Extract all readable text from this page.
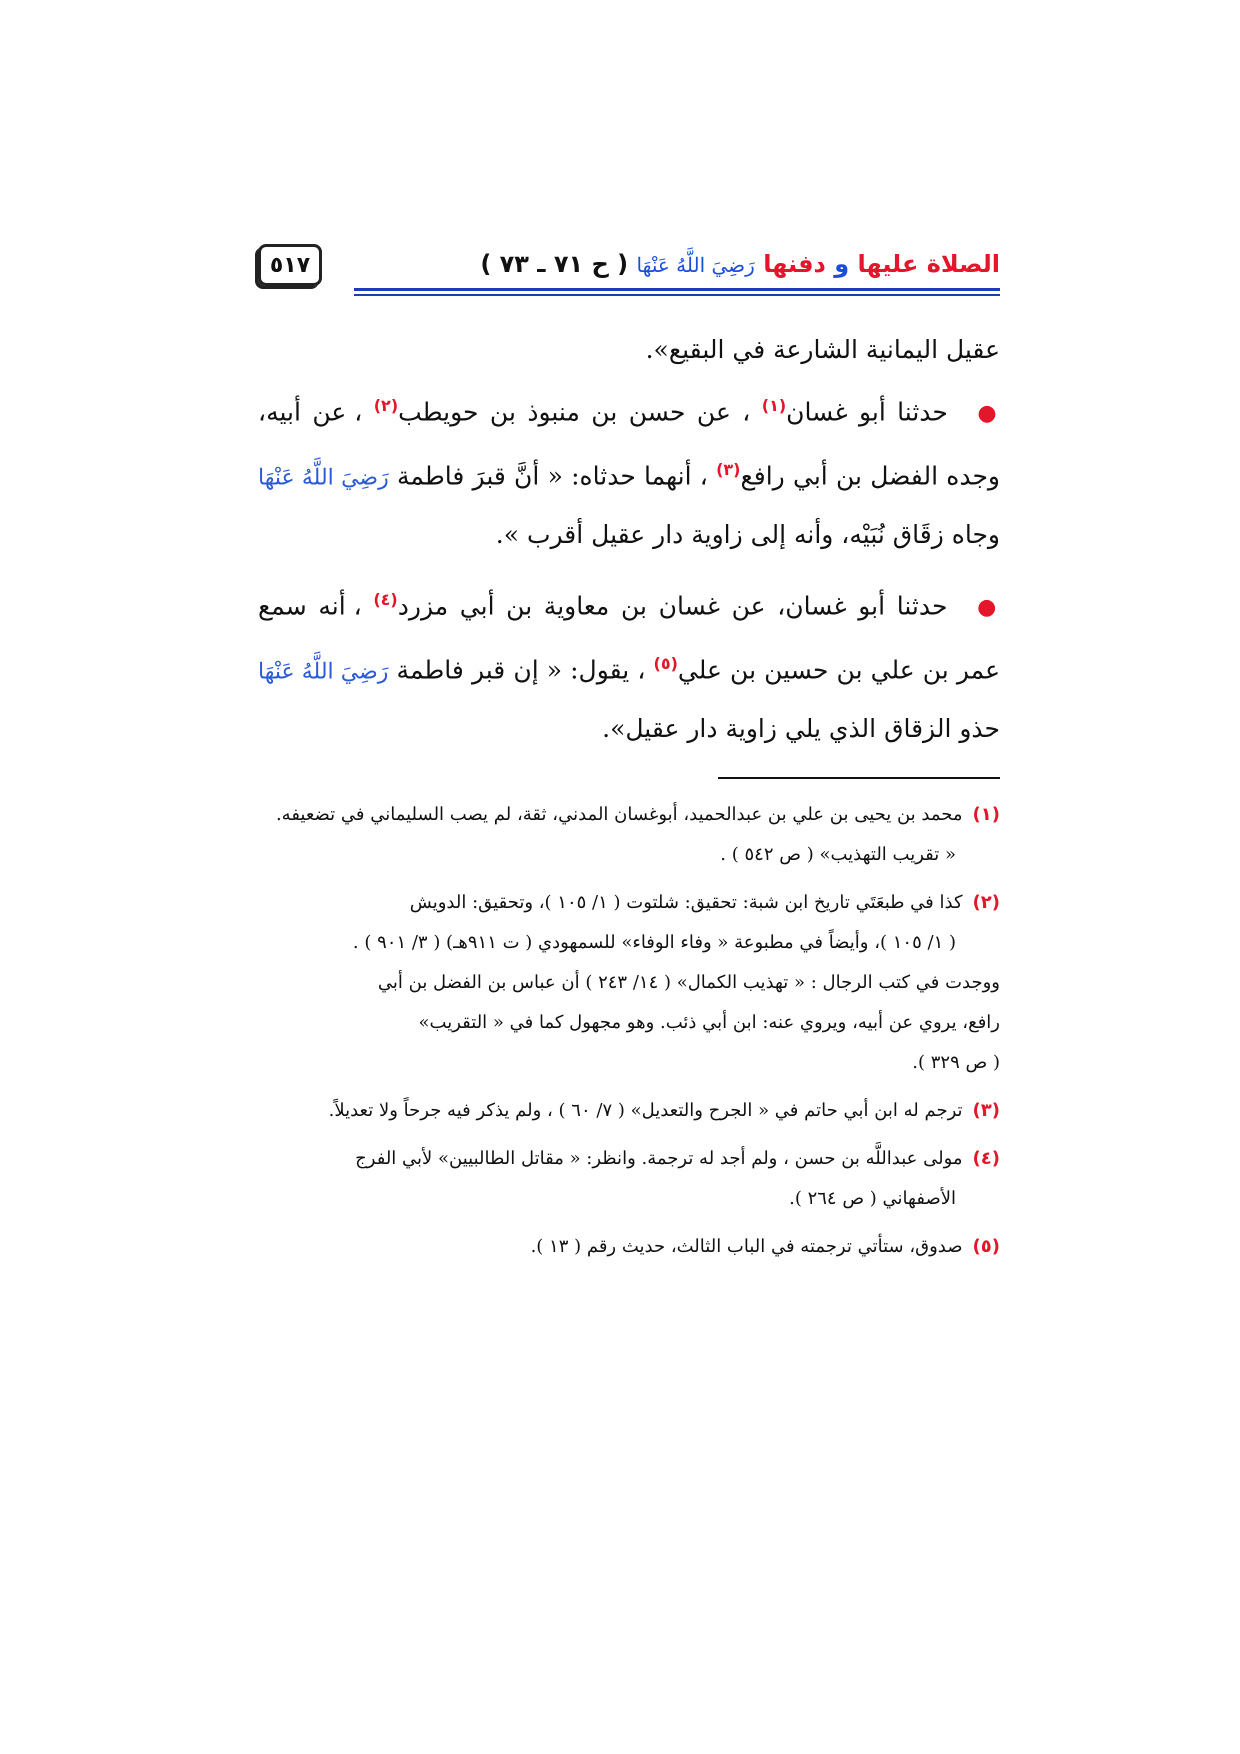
٥١٧	الصلاة عليها و دفنها رَضِيَ اللَّهُ عَنْهَا ( ح ٧١ ـ ٧٣ )

عقيل اليمانية الشارعة في البقيع».

● حدثنا أبو غسان$^{(١)}$ ، عن حسن بن منبوذ بن حويطب$^{(٢)}$ ، عن أبيه، وجده الفضل بن أبي رافع$^{(٣)}$ ، أنهما حدثاه: « أنَّ قبرَ فاطمة رَضِيَ اللَّهُ عَنْهَا وجاه زقَاق نُبَيْه، وأنه إلى زاوية دار عقيل أقرب ».

● حدثنا أبو غسان، عن غسان بن معاوية بن أبي مزرد$^{(٤)}$ ، أنه سمع عمر بن علي بن حسين بن علي$^{(٥)}$ ، يقول: « إن قبر فاطمة رَضِيَ اللَّهُ عَنْهَا حذو الزقاق الذي يلي زاوية دار عقيل».

(١)محمد بن يحيى بن علي بن عبدالحميد، أبوغسان المدني، ثقة، لم يصب السليماني في تضعيفه.
« تقريب التهذيب» ( ص ٥٤٢ ) .
(٢)كذا في طبعَتَي تاريخ ابن شبة: تحقيق: شلتوت ( ١/ ١٠٥ )، وتحقيق: الدويش
( ١/ ١٠٥ )، وأيضاً في مطبوعة « وفاء الوفاء» للسمهودي ( ت ٩١١هـ) ( ٣/ ٩٠١ ) .
ووجدت في كتب الرجال : « تهذيب الكمال» ( ١٤/ ٢٤٣ ) أن عباس بن الفضل بن أبي
رافع، يروي عن أبيه، ويروي عنه: ابن أبي ذئب. وهو مجهول كما في « التقريب»
( ص ٣٢٩ ).
(٣)ترجم له ابن أبي حاتم في « الجرح والتعديل» ( ٧/ ٦٠ ) ، ولم يذكر فيه جرحاً ولا تعديلاً.
(٤)مولى عبداللَّه بن حسن ، ولم أجد له ترجمة. وانظر: « مقاتل الطالبيين» لأبي الفرج
الأصفهاني ( ص ٢٦٤ ).
(٥)صدوق، ستأتي ترجمته في الباب الثالث، حديث رقم ( ١٣ ).
